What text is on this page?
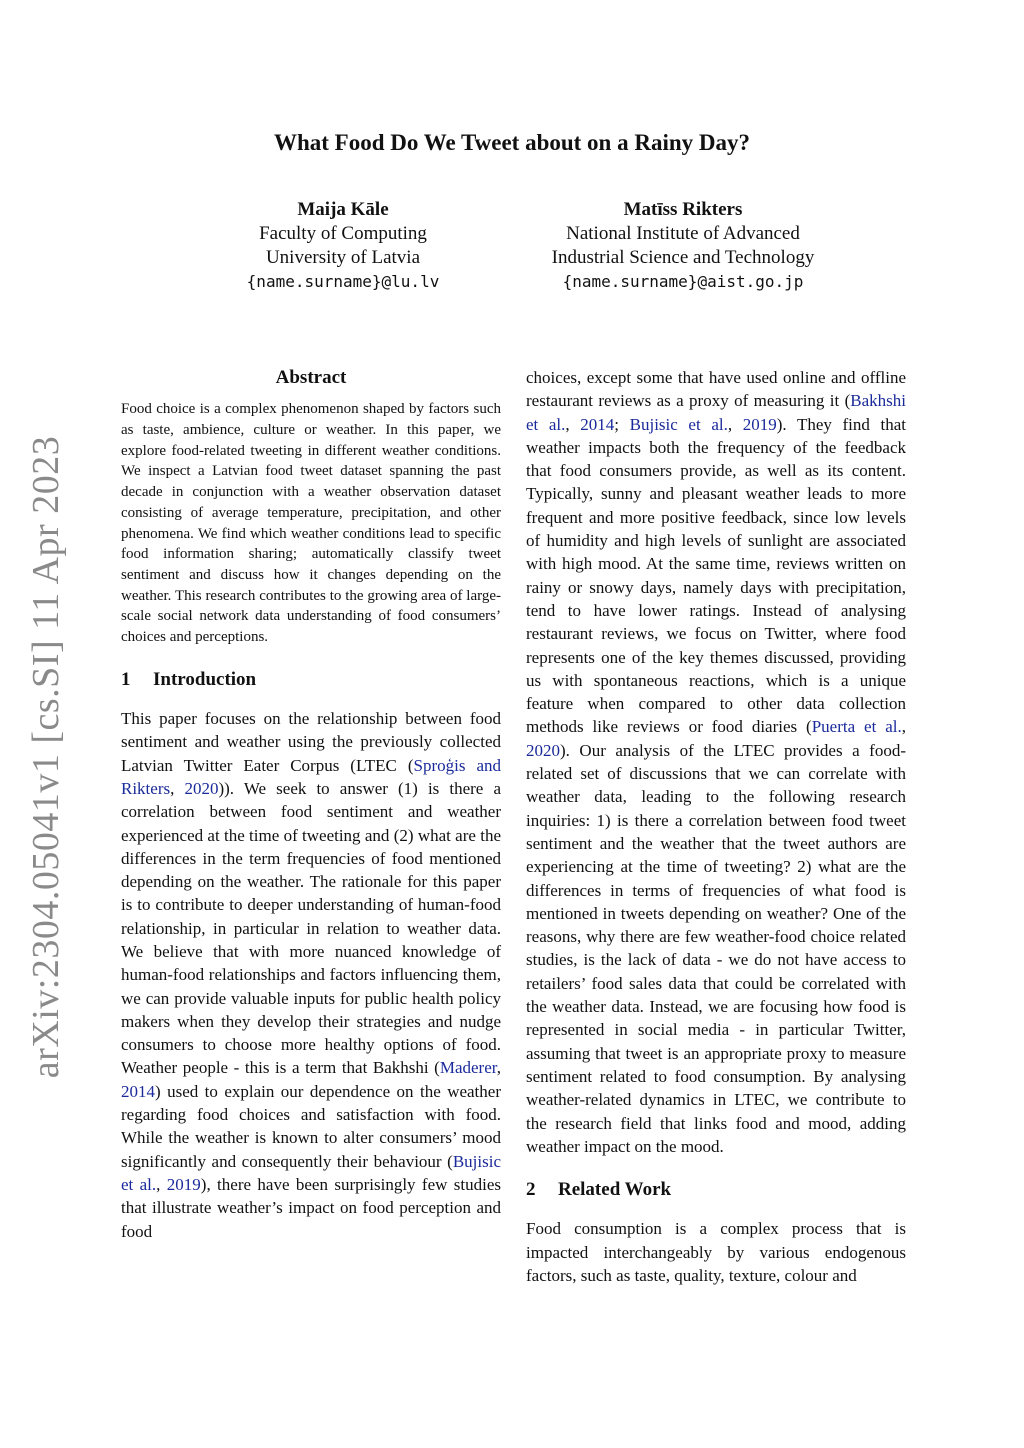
arXiv:2304.05041v1 [cs.SI] 11 Apr 2023
What Food Do We Tweet about on a Rainy Day?
Maija Kāle
Faculty of Computing
University of Latvia
{name.surname}@lu.lv
Matīss Rikters
National Institute of Advanced
Industrial Science and Technology
{name.surname}@aist.go.jp
Abstract

Food choice is a complex phenomenon shaped by factors such as taste, ambience, culture or weather. In this paper, we explore food-related tweeting in different weather conditions. We inspect a Latvian food tweet dataset spanning the past decade in conjunction with a weather observation dataset consisting of average temperature, precipitation, and other phenomena. We find which weather conditions lead to specific food information sharing; automatically classify tweet sentiment and discuss how it changes depending on the weather. This research contributes to the growing area of large-scale social network data understanding of food consumers’ choices and perceptions.

1 Introduction

This paper focuses on the relationship between food sentiment and weather using the previously collected Latvian Twitter Eater Corpus (LTEC (Sproģis and Rikters, 2020)). We seek to answer (1) is there a correlation between food sentiment and weather experienced at the time of tweeting and (2) what are the differences in the term frequencies of food mentioned depending on the weather. The rationale for this paper is to contribute to deeper understanding of human-food relationship, in particular in relation to weather data. We believe that with more nuanced knowledge of human-food relationships and factors influencing them, we can provide valuable inputs for public health policy makers when they develop their strategies and nudge consumers to choose more healthy options of food. Weather people - this is a term that Bakhshi (Maderer, 2014) used to explain our dependence on the weather regarding food choices and satisfaction with food. While the weather is known to alter consumers’ mood significantly and consequently their behaviour (Bujisic et al., 2019), there have been surprisingly few studies that illustrate weather’s impact on food perception and food

choices, except some that have used online and offline restaurant reviews as a proxy of measuring it (Bakhshi et al., 2014; Bujisic et al., 2019). They find that weather impacts both the frequency of the feedback that food consumers provide, as well as its content. Typically, sunny and pleasant weather leads to more frequent and more positive feedback, since low levels of humidity and high levels of sunlight are associated with high mood. At the same time, reviews written on rainy or snowy days, namely days with precipitation, tend to have lower ratings. Instead of analysing restaurant reviews, we focus on Twitter, where food represents one of the key themes discussed, providing us with spontaneous reactions, which is a unique feature when compared to other data collection methods like reviews or food diaries (Puerta et al., 2020). Our analysis of the LTEC provides a food-related set of discussions that we can correlate with weather data, leading to the following research inquiries: 1) is there a correlation between food tweet sentiment and the weather that the tweet authors are experiencing at the time of tweeting? 2) what are the differences in terms of frequencies of what food is mentioned in tweets depending on weather? One of the reasons, why there are few weather-food choice related studies, is the lack of data - we do not have access to retailers’ food sales data that could be correlated with the weather data. Instead, we are focusing how food is represented in social media - in particular Twitter, assuming that tweet is an appropriate proxy to measure sentiment related to food consumption. By analysing weather-related dynamics in LTEC, we contribute to the research field that links food and mood, adding weather impact on the mood.

2 Related Work

Food consumption is a complex process that is impacted interchangeably by various endogenous factors, such as taste, quality, texture, colour and
